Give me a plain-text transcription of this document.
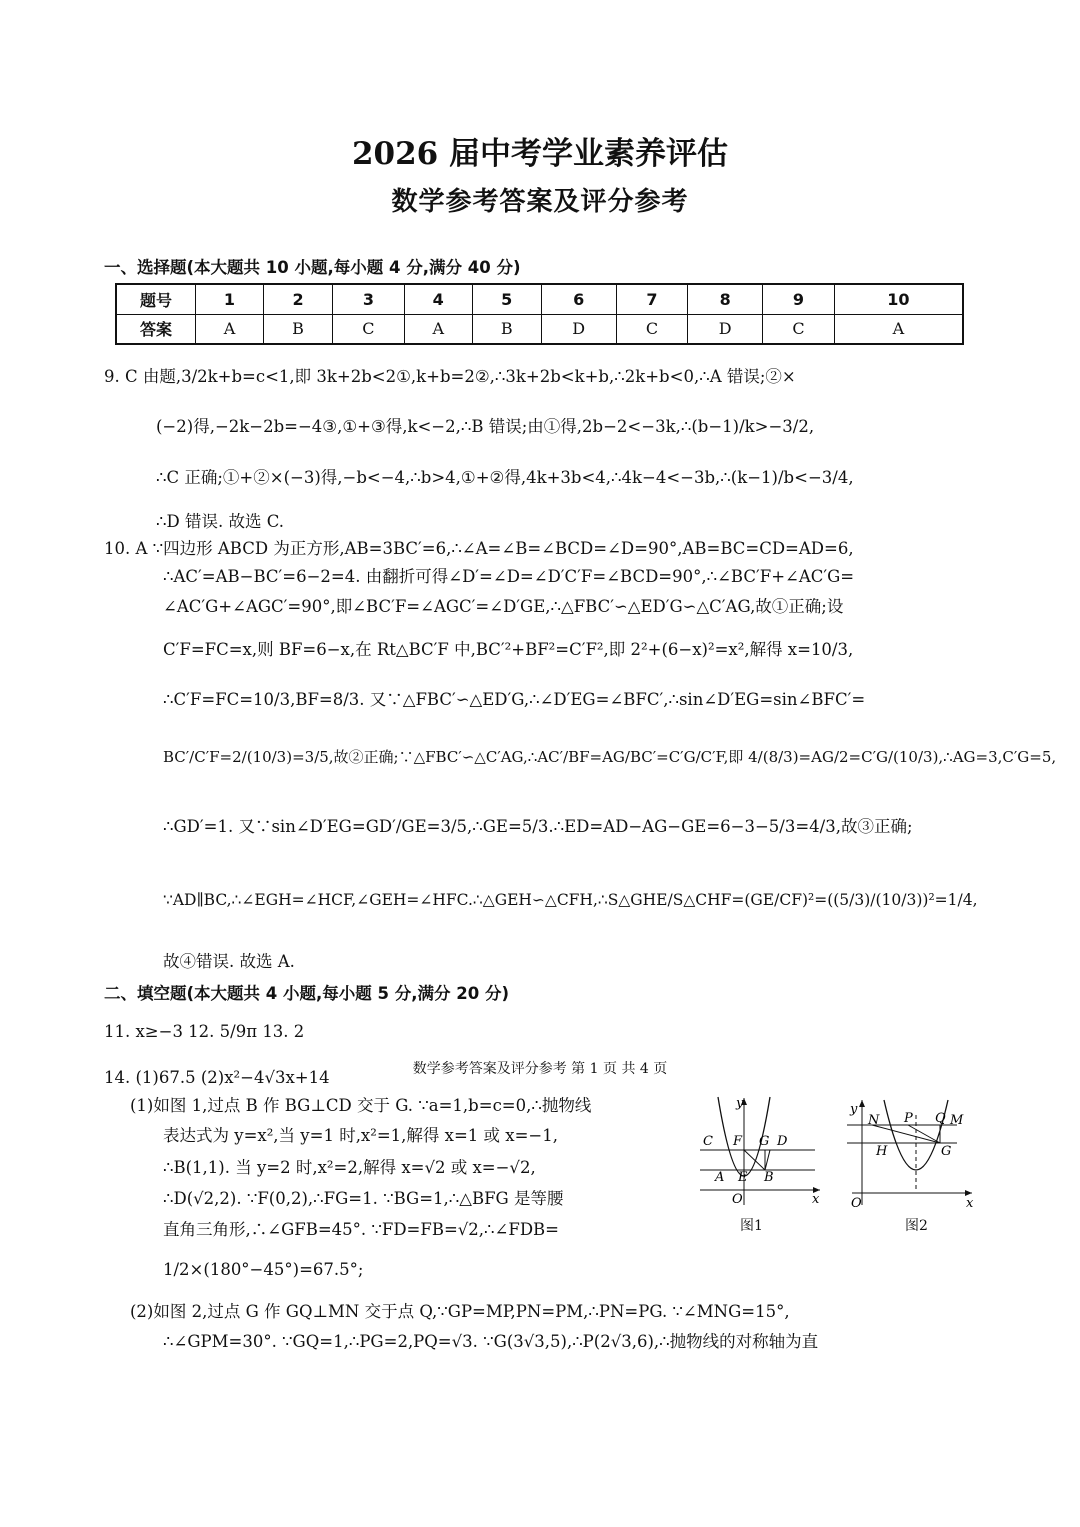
2026 届中考学业素养评估
数学参考答案及评分参考
一、选择题(本大题共 10 小题,每小题 4 分,满分 40 分)
题号	1	2	3	4	5	6	7	8	9	10
答案	A	B	C	A	B	D	C	D	C	A
9. C 由题,3/2k+b=c<1,即 3k+2b<2①,k+b=2②,∴3k+2b<k+b,∴2k+b<0,∴A 错误;②×
(−2)得,−2k−2b=−4③,①+③得,k<−2,∴B 错误;由①得,2b−2<−3k,∴(b−1)/k>−3/2,
∴C 正确;①+②×(−3)得,−b<−4,∴b>4,①+②得,4k+3b<4,∴4k−4<−3b,∴(k−1)/b<−3/4,
∴D 错误. 故选 C.
10. A ∵四边形 ABCD 为正方形,AB=3BC′=6,∴∠A=∠B=∠BCD=∠D=90°,AB=BC=CD=AD=6,
∴AC′=AB−BC′=6−2=4. 由翻折可得∠D′=∠D=∠D′C′F=∠BCD=90°,∴∠BC′F+∠AC′G=
∠AC′G+∠AGC′=90°,即∠BC′F=∠AGC′=∠D′GE,∴△FBC′∽△ED′G∽△C′AG,故①正确;设
C′F=FC=x,则 BF=6−x,在 Rt△BC′F 中,BC′²+BF²=C′F²,即 2²+(6−x)²=x²,解得 x=10/3,
∴C′F=FC=10/3,BF=8/3. 又∵△FBC′∽△ED′G,∴∠D′EG=∠BFC′,∴sin∠D′EG=sin∠BFC′=
BC′/C′F=2/(10/3)=3/5,故②正确;∵△FBC′∽△C′AG,∴AC′/BF=AG/BC′=C′G/C′F,即 4/(8/3)=AG/2=C′G/(10/3),∴AG=3,C′G=5,
∴GD′=1. 又∵sin∠D′EG=GD′/GE=3/5,∴GE=5/3.∴ED=AD−AG−GE=6−3−5/3=4/3,故③正确;
∵AD∥BC,∴∠EGH=∠HCF,∠GEH=∠HFC.∴△GEH∽△CFH,∴S△GHE/S△CHF=(GE/CF)²=((5/3)/(10/3))²=1/4,
故④错误. 故选 A.
二、填空题(本大题共 4 小题,每小题 5 分,满分 20 分)
11. x≥−3 12. 5/9π 13. 2
14. (1)67.5 (2)x²−4√3x+14
(1)如图 1,过点 B 作 BG⊥CD 交于 G. ∵a=1,b=c=0,∴抛物线
表达式为 y=x²,当 y=1 时,x²=1,解得 x=1 或 x=−1,
∴B(1,1). 当 y=2 时,x²=2,解得 x=√2 或 x=−√2,
∴D(√2,2). ∵F(0,2),∴FG=1. ∵BG=1,∴△BFG 是等腰
直角三角形,∴∠GFB=45°. ∵FD=FB=√2,∴∠FDB=
1/2×(180°−45°)=67.5°;
(2)如图 2,过点 G 作 GQ⊥MN 交于点 Q,∵GP=MP,PN=PM,∴PN=PG. ∵∠MNG=15°,
∴∠GPM=30°. ∵GQ=1,∴PG=2,PQ=√3. ∵G(3√3,5),∴P(2√3,6),∴抛物线的对称轴为直
y
C F G D
A E B
O	x
图1
y
N P Q M
H	G
O	x
图2
数学参考答案及评分参考 第 1 页 共 4 页
